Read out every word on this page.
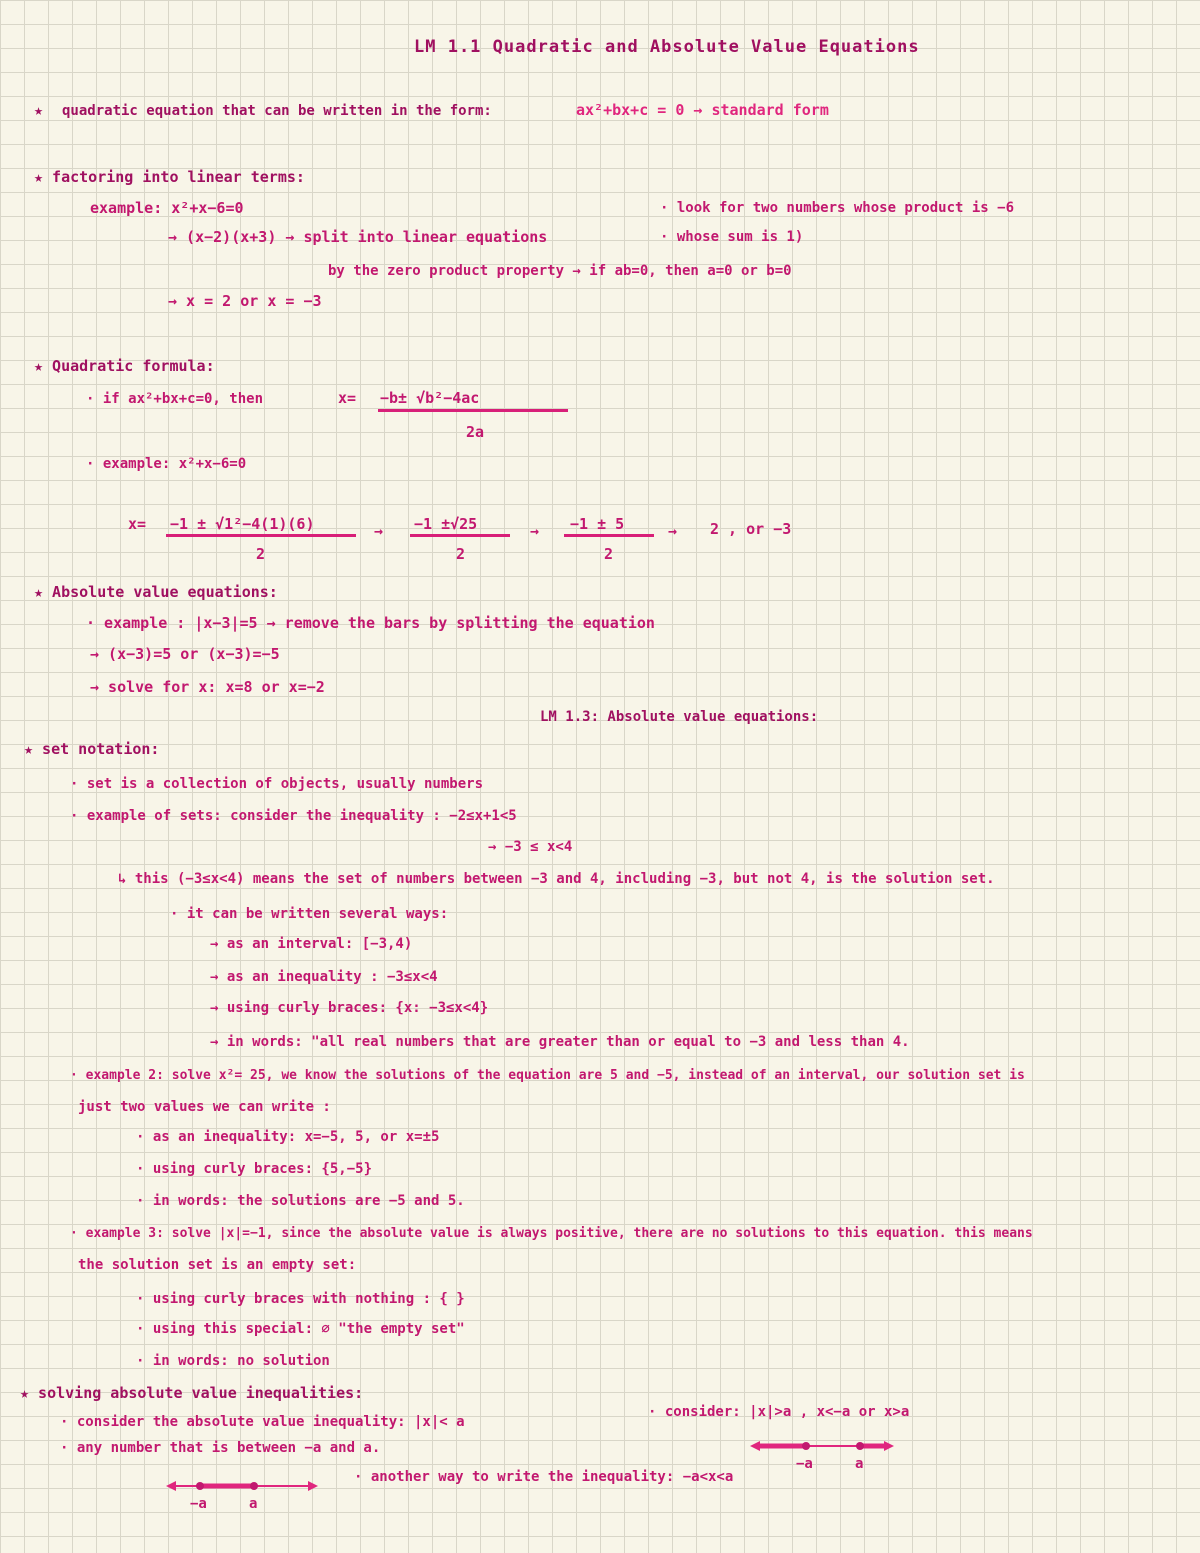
LM 1.1 Quadratic and Absolute Value Equations
★ quadratic equation that can be written in the form:	ax²+bx+c = 0 → standard form
★ factoring into linear terms:
example: x²+x−6=0
→ (x−2)(x+3) → split into linear equations
· look for two numbers whose product is −6
· whose sum is 1)
by the zero product property → if ab=0, then a=0 or b=0
→ x = 2 or x = −3
★ Quadratic formula:
· if ax²+bx+c=0, then	x= −b± √b²−4ac
2a
· example: x²+x−6=0
x= −1 ± √1²−4(1)(6)
2
→ −1 ±√25
2
→ −1 ± 5
2
→ 2 , or −3
★ Absolute value equations:
· example : |x−3|=5 → remove the bars by splitting the equation
→ (x−3)=5 or (x−3)=−5
→ solve for x: x=8 or x=−2
LM 1.3: Absolute value equations:
★ set notation:
· set is a collection of objects, usually numbers
· example of sets: consider the inequality : −2≤x+1<5
→ −3 ≤ x<4
↳ this (−3≤x<4) means the set of numbers between −3 and 4, including −3, but not 4, is the solution set.
· it can be written several ways:
→ as an interval: [−3,4)
→ as an inequality : −3≤x<4
→ using curly braces: {x: −3≤x<4}
→ in words: "all real numbers that are greater than or equal to −3 and less than 4.
· example 2: solve x²= 25, we know the solutions of the equation are 5 and −5, instead of an interval, our solution set is
just two values we can write :
· as an inequality: x=−5, 5, or x=±5
· using curly braces: {5,−5}
· in words: the solutions are −5 and 5.
· example 3: solve |x|=−1, since the absolute value is always positive, there are no solutions to this equation. this means
the solution set is an empty set:
· using curly braces with nothing : { }
· using this special: ∅ "the empty set"
· in words: no solution
★ solving absolute value inequalities:
· consider the absolute value inequality: |x|< a
· any number that is between −a and a.
· another way to write the inequality: −a<x<a
· consider: |x|>a , x<−a or x>a
−a	a
−a	a
